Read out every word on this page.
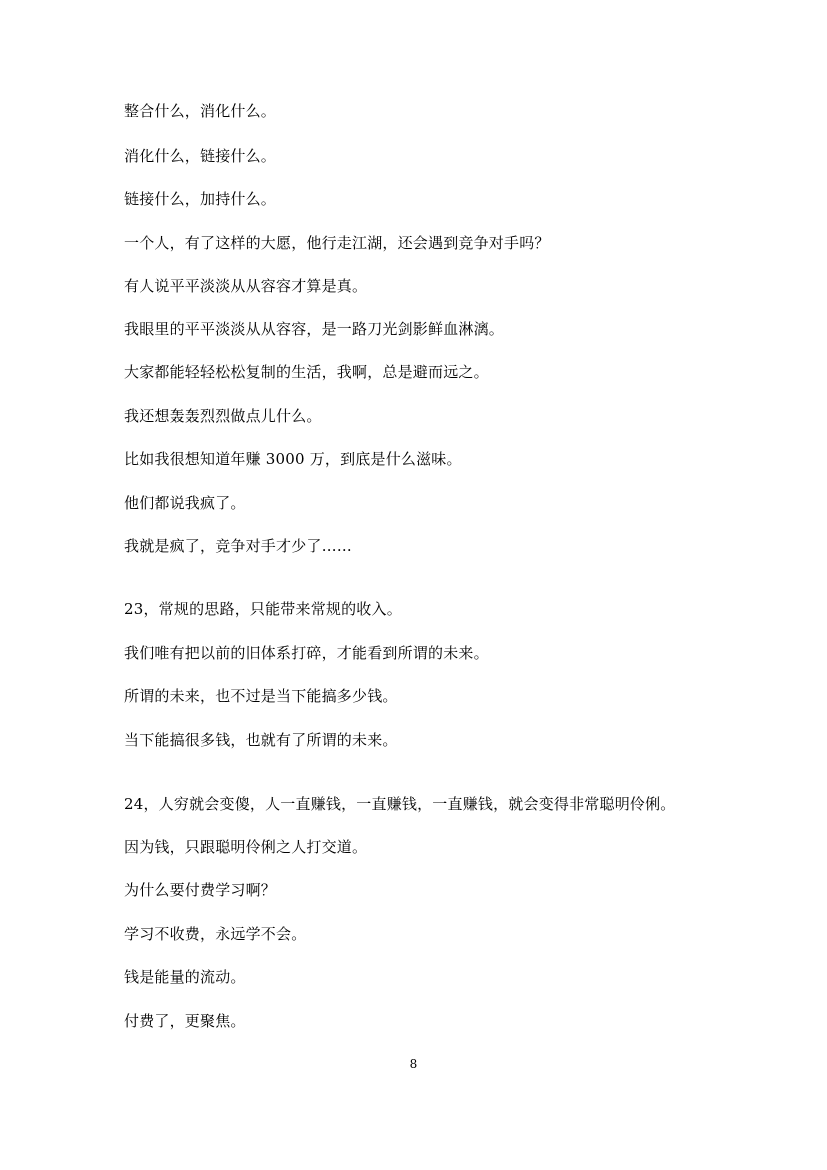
整合什么，消化什么。
消化什么，链接什么。
链接什么，加持什么。
一个人，有了这样的大愿，他行走江湖，还会遇到竞争对手吗？
有人说平平淡淡从从容容才算是真。
我眼里的平平淡淡从从容容，是一路刀光剑影鲜血淋漓。
大家都能轻轻松松复制的生活，我啊，总是避而远之。
我还想轰轰烈烈做点儿什么。
比如我很想知道年赚 3000 万，到底是什么滋味。
他们都说我疯了。
我就是疯了，竞争对手才少了……
23，常规的思路，只能带来常规的收入。
我们唯有把以前的旧体系打碎，才能看到所谓的未来。
所谓的未来，也不过是当下能搞多少钱。
当下能搞很多钱，也就有了所谓的未来。
24，人穷就会变傻，人一直赚钱，一直赚钱，一直赚钱，就会变得非常聪明伶俐。
因为钱，只跟聪明伶俐之人打交道。
为什么要付费学习啊？
学习不收费，永远学不会。
钱是能量的流动。
付费了，更聚焦。
8
